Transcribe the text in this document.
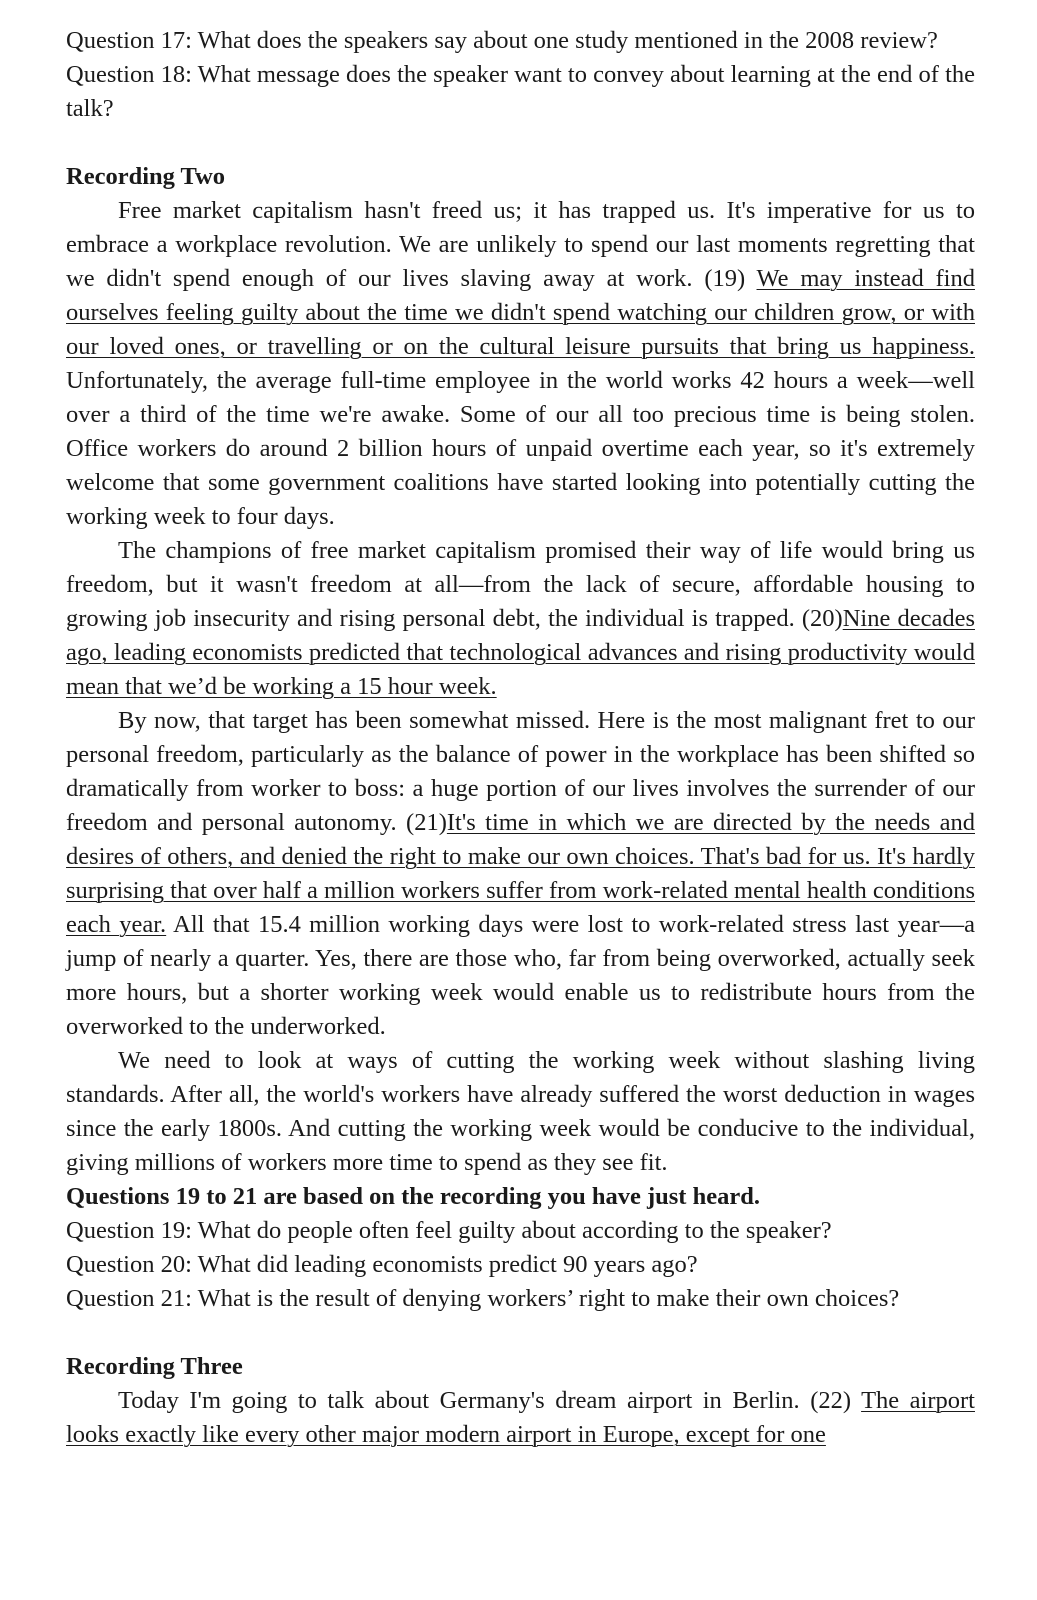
Question 17: What does the speakers say about one study mentioned in the 2008 review?

Question 18: What message does the speaker want to convey about learning at the end of the talk?

Recording Two

Free market capitalism hasn't freed us; it has trapped us. It's imperative for us to embrace a workplace revolution. We are unlikely to spend our last moments regretting that we didn't spend enough of our lives slaving away at work. (19) We may instead find ourselves feeling guilty about the time we didn't spend watching our children grow, or with our loved ones, or travelling or on the cultural leisure pursuits that bring us happiness. Unfortunately, the average full-time employee in the world works 42 hours a week—well over a third of the time we're awake. Some of our all too precious time is being stolen. Office workers do around 2 billion hours of unpaid overtime each year, so it's extremely welcome that some government coalitions have started looking into potentially cutting the working week to four days.

The champions of free market capitalism promised their way of life would bring us freedom, but it wasn't freedom at all—from the lack of secure, affordable housing to growing job insecurity and rising personal debt, the individual is trapped. (20)Nine decades ago, leading economists predicted that technological advances and rising productivity would mean that we’d be working a 15 hour week.

By now, that target has been somewhat missed. Here is the most malignant fret to our personal freedom, particularly as the balance of power in the workplace has been shifted so dramatically from worker to boss: a huge portion of our lives involves the surrender of our freedom and personal autonomy. (21)It's time in which we are directed by the needs and desires of others, and denied the right to make our own choices. That's bad for us. It's hardly surprising that over half a million workers suffer from work-related mental health conditions each year. All that 15.4 million working days were lost to work-related stress last year—a jump of nearly a quarter. Yes, there are those who, far from being overworked, actually seek more hours, but a shorter working week would enable us to redistribute hours from the overworked to the underworked.

We need to look at ways of cutting the working week without slashing living standards. After all, the world's workers have already suffered the worst deduction in wages since the early 1800s. And cutting the working week would be conducive to the individual, giving millions of workers more time to spend as they see fit.

Questions 19 to 21 are based on the recording you have just heard.

Question 19: What do people often feel guilty about according to the speaker?

Question 20: What did leading economists predict 90 years ago?

Question 21: What is the result of denying workers’ right to make their own choices?

Recording Three

Today I'm going to talk about Germany's dream airport in Berlin. (22) The airport looks exactly like every other major modern airport in Europe, except for one
